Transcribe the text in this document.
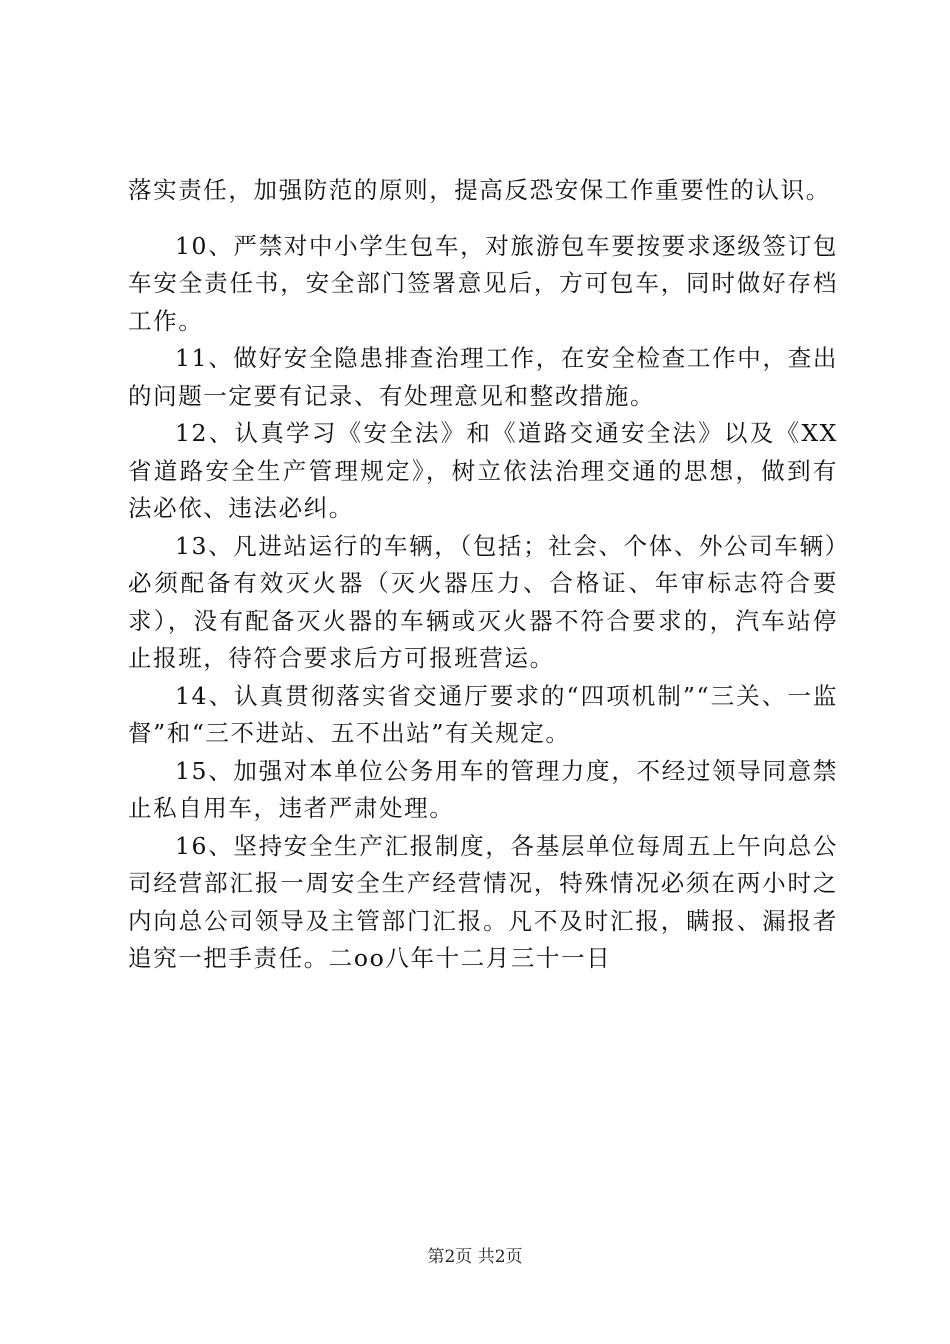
落实责任，加强防范的原则，提高反恐安保工作重要性的认识。

10、严禁对中小学生包车，对旅游包车要按要求逐级签订包车安全责任书，安全部门签署意见后，方可包车，同时做好存档工作。

11、做好安全隐患排查治理工作，在安全检查工作中，查出的问题一定要有记录、有处理意见和整改措施。

12、认真学习《安全法》和《道路交通安全法》以及《XX省道路安全生产管理规定》，树立依法治理交通的思想，做到有法必依、违法必纠。

13、凡进站运行的车辆，（包括；社会、个体、外公司车辆）必须配备有效灭火器（灭火器压力、合格证、年审标志符合要求），没有配备灭火器的车辆或灭火器不符合要求的，汽车站停止报班，待符合要求后方可报班营运。

14、认真贯彻落实省交通厅要求的“四项机制”“三关、一监督”和“三不进站、五不出站”有关规定。

15、加强对本单位公务用车的管理力度，不经过领导同意禁止私自用车，违者严肃处理。

16、坚持安全生产汇报制度，各基层单位每周五上午向总公司经营部汇报一周安全生产经营情况，特殊情况必须在两小时之内向总公司领导及主管部门汇报。凡不及时汇报，瞒报、漏报者追究一把手责任。二oo八年十二月三十一日

第2页 共2页
